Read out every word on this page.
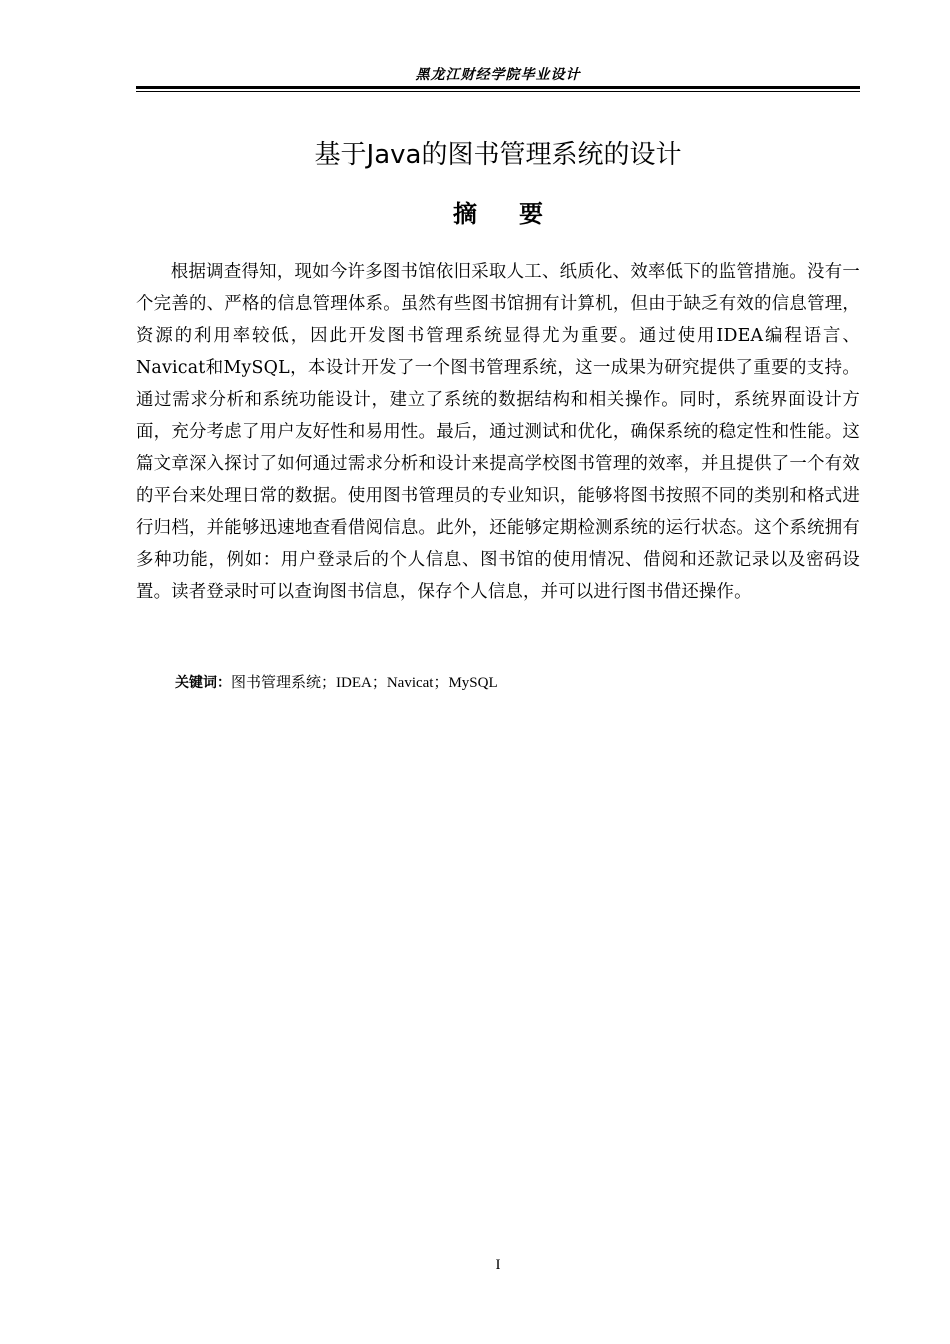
黑龙江财经学院毕业设计
基于Java的图书管理系统的设计
摘 要

根据调查得知，现如今许多图书馆依旧采取人工、纸质化、效率低下的监管措施。没有一个完善的、严格的信息管理体系。虽然有些图书馆拥有计算机，但由于缺乏有效的信息管理，资源的利用率较低，因此开发图书管理系统显得尤为重要。通过使用IDEA编程语言、Navicat和MySQL，本设计开发了一个图书管理系统，这一成果为研究提供了重要的支持。通过需求分析和系统功能设计，建立了系统的数据结构和相关操作。同时，系统界面设计方面，充分考虑了用户友好性和易用性。最后，通过测试和优化，确保系统的稳定性和性能。这篇文章深入探讨了如何通过需求分析和设计来提高学校图书管理的效率，并且提供了一个有效的平台来处理日常的数据。使用图书管理员的专业知识，能够将图书按照不同的类别和格式进行归档，并能够迅速地查看借阅信息。此外，还能够定期检测系统的运行状态。这个系统拥有多种功能，例如：用户登录后的个人信息、图书馆的使用情况、借阅和还款记录以及密码设置。读者登录时可以查询图书信息，保存个人信息，并可以进行图书借还操作。

关键词：图书管理系统；IDEA；Navicat；MySQL
I
